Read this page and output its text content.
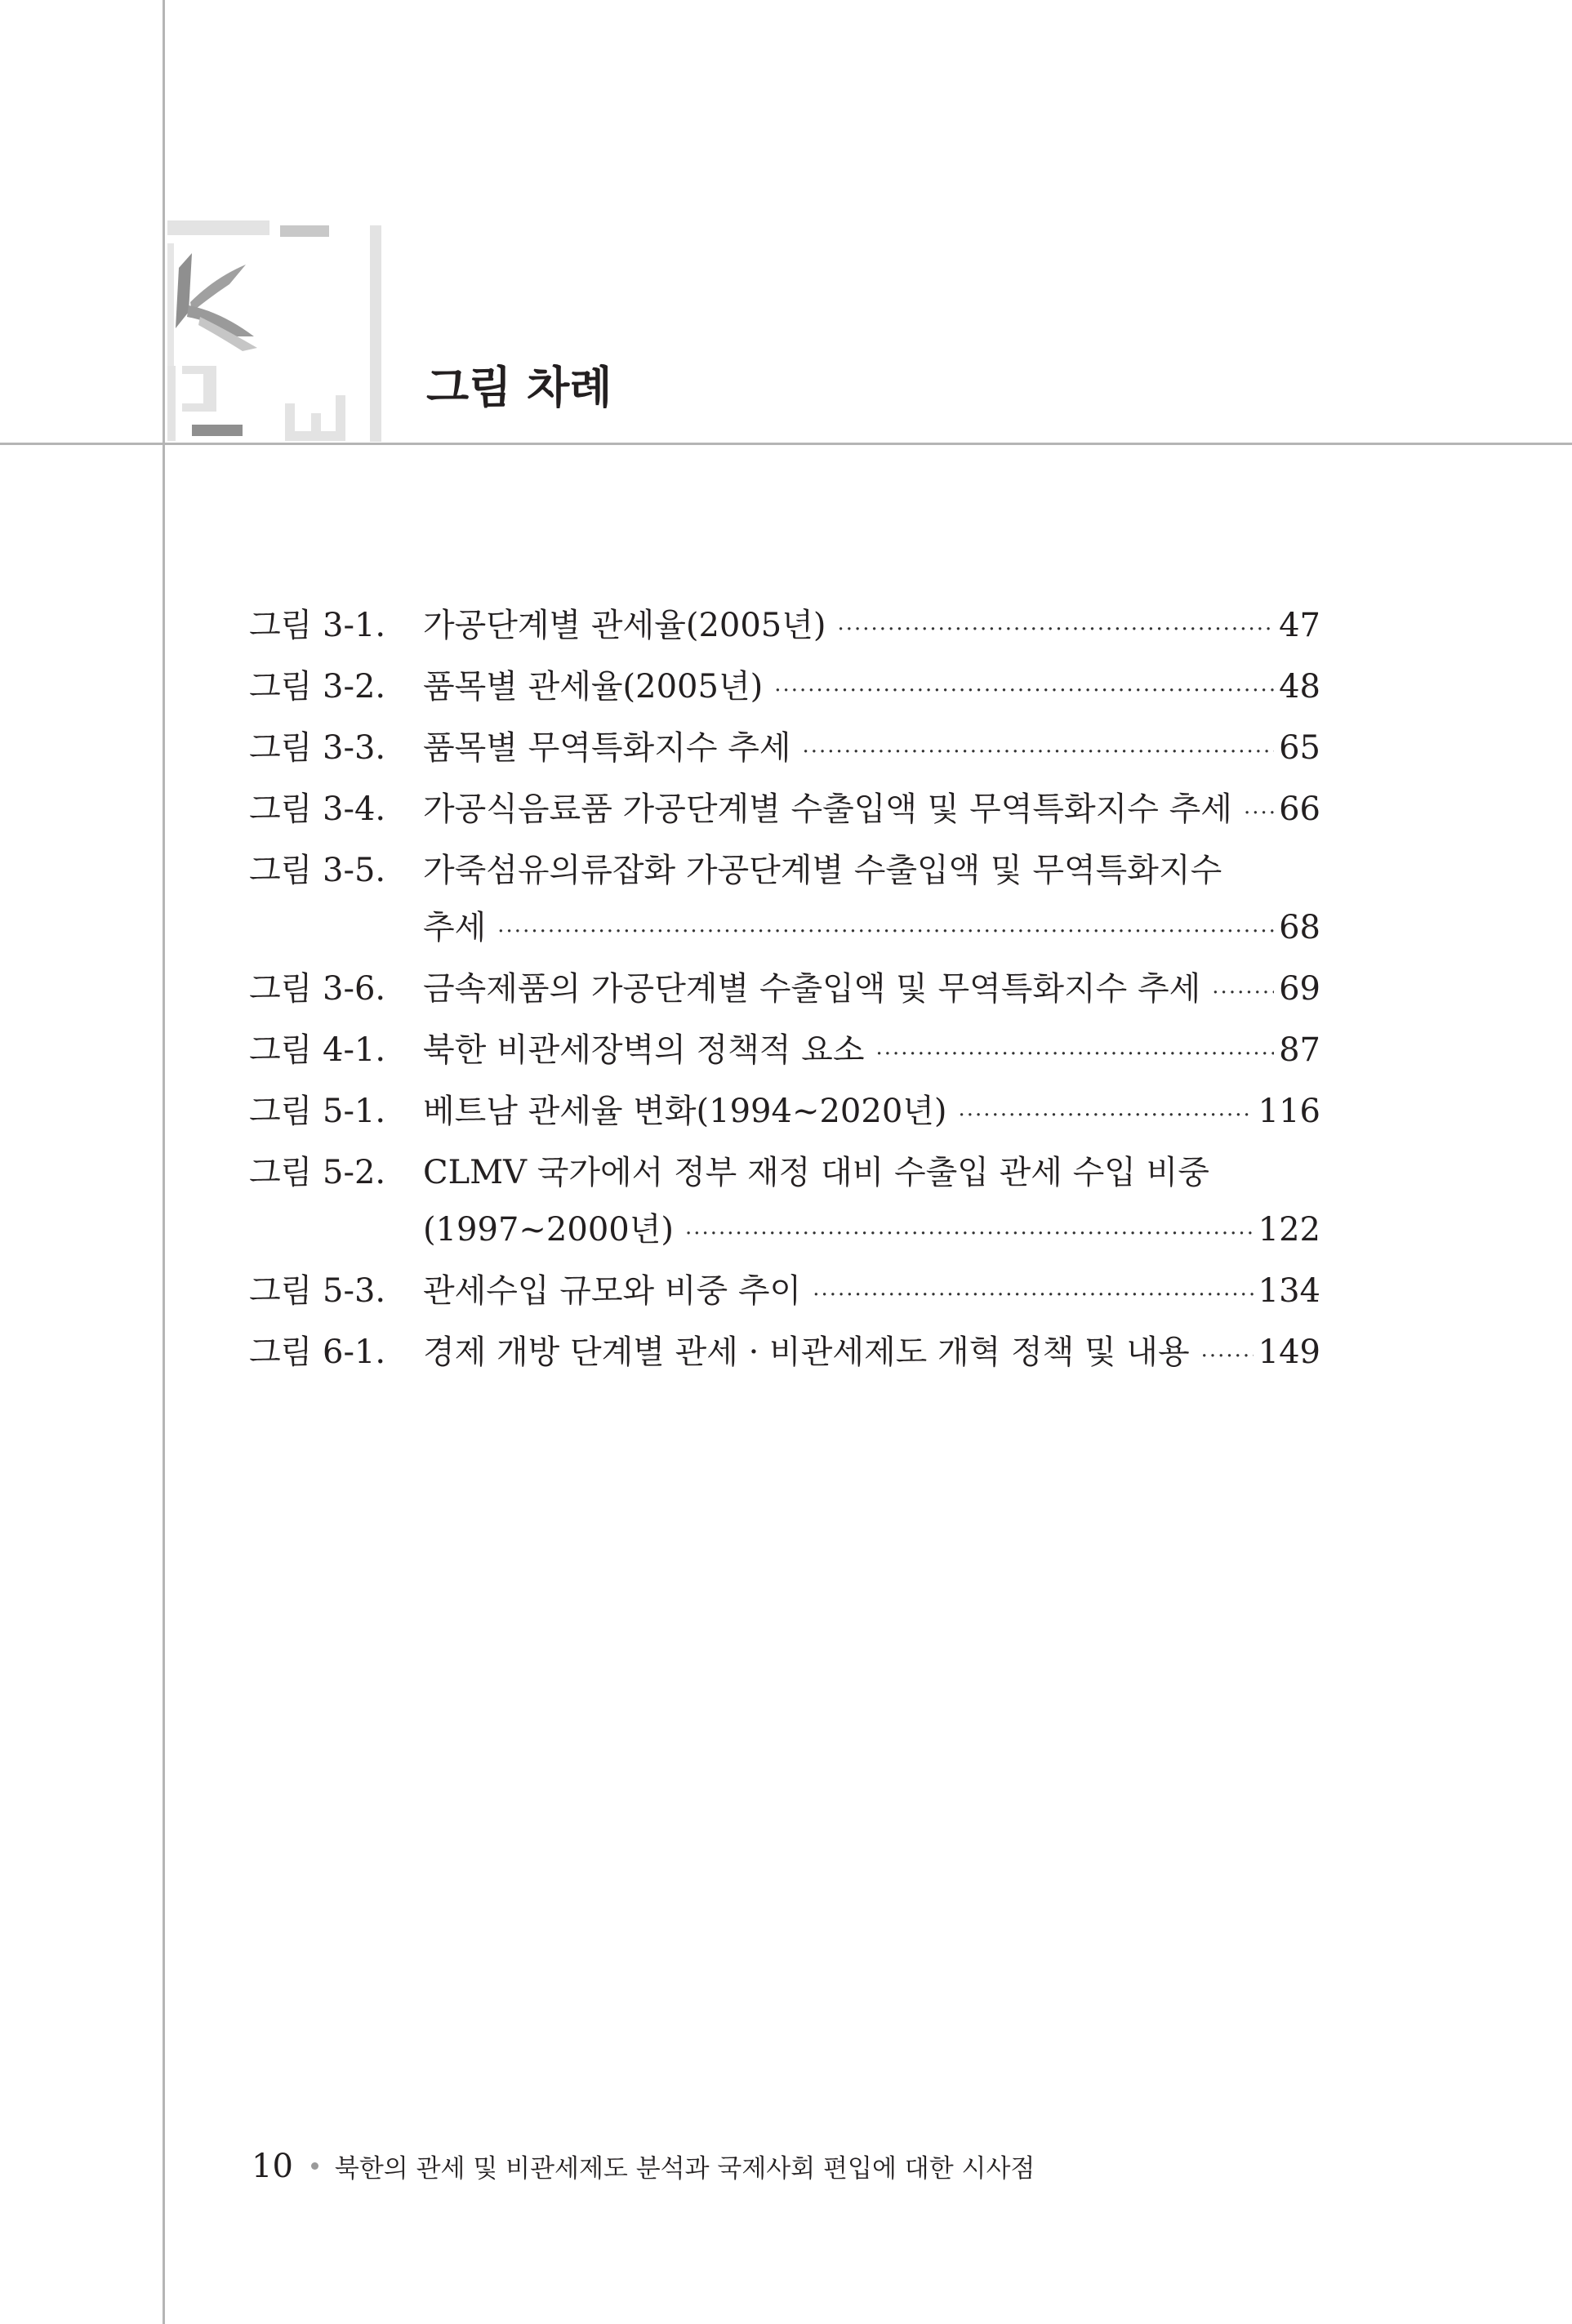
그림 차례
그림 3-1.	가공단계별 관세율(2005년) ·····	47
그림 3-2.	품목별 관세율(2005년) ·····	48
그림 3-3.	품목별 무역특화지수 추세 ·····	65
그림 3-4.	가공식음료품 가공단계별 수출입액 및 무역특화지수 추세 ····· 66
그림 3-5.	가죽섬유의류잡화 가공단계별 수출입액 및 무역특화지수
추세 ·····	68
그림 3-6.	금속제품의 가공단계별 수출입액 및 무역특화지수 추세 ····· 69
그림 4-1.	북한 비관세장벽의 정책적 요소 ·····	87
그림 5-1.	베트남 관세율 변화(1994~2020년) ·····	116
그림 5-2.	CLMV 국가에서 정부 재정 대비 수출입 관세 수입 비중
(1997~2000년) ·····	122
그림 5-3.	관세수입 규모와 비중 추이 ·····	134
그림 6-1.	경제 개방 단계별 관세 · 비관세제도 개혁 정책 및 내용 ····· 149
10 북한의 관세 및 비관세제도 분석과 국제사회 편입에 대한 시사점
